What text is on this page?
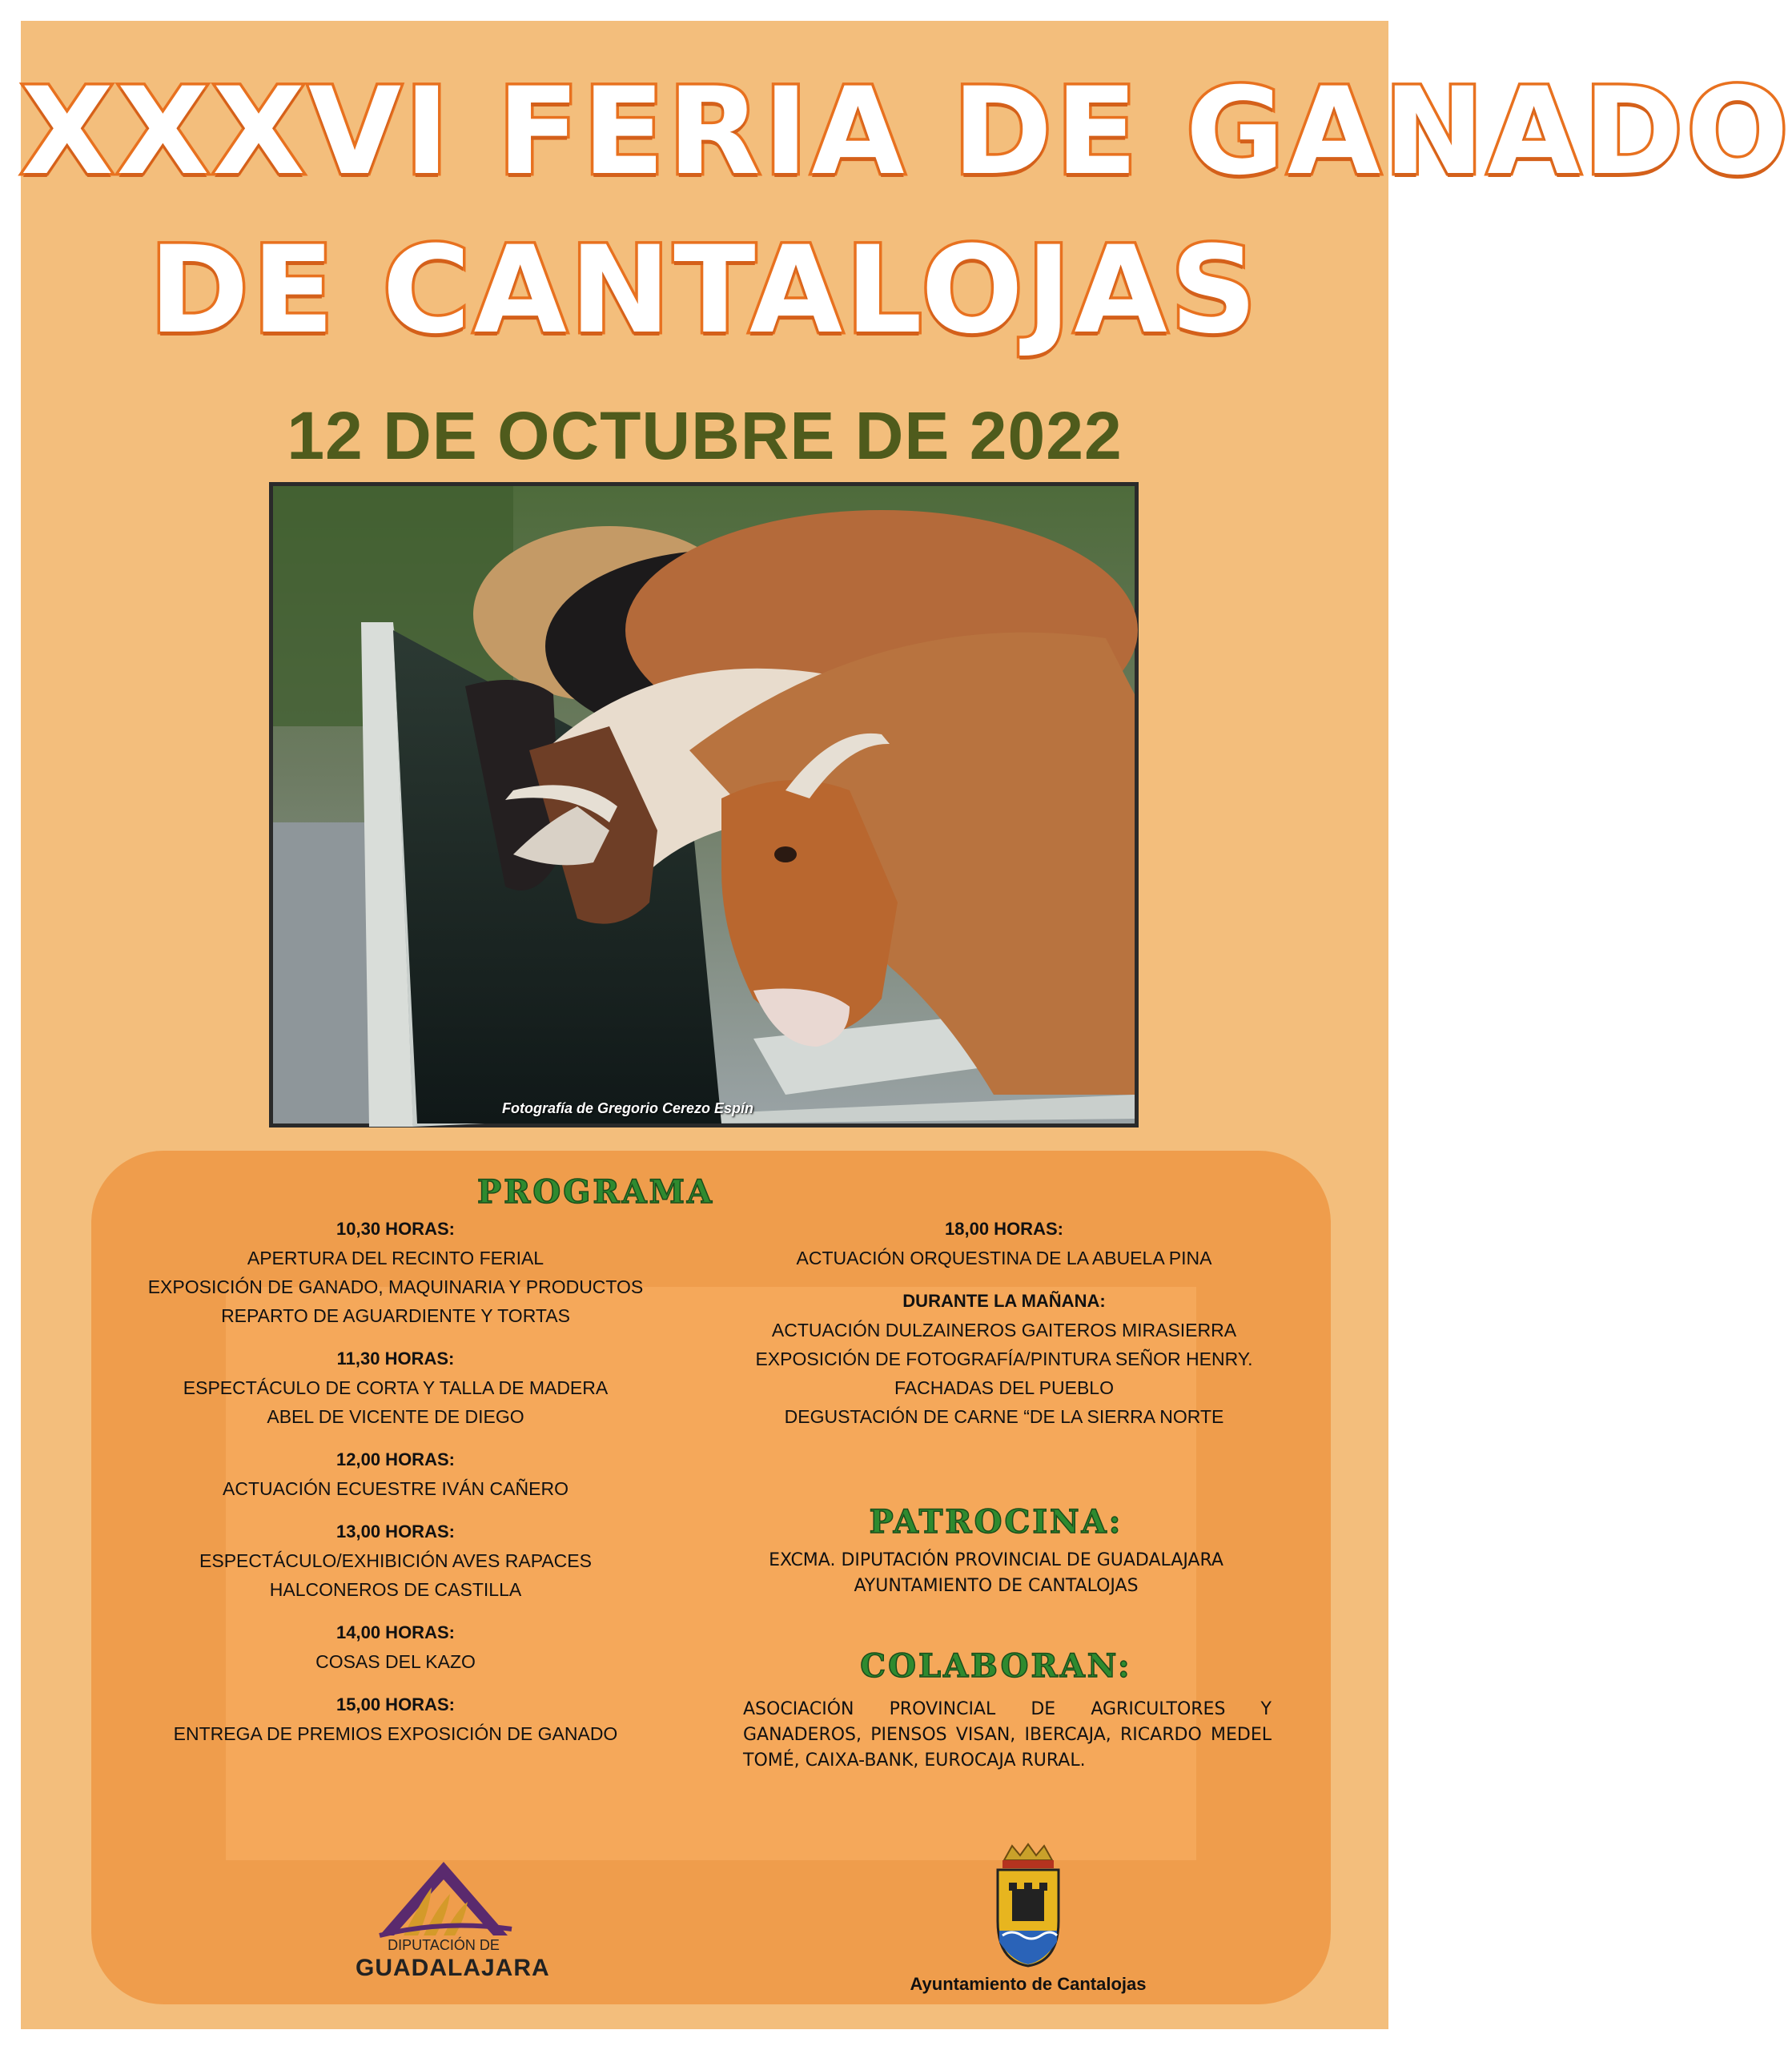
XXXVI FERIA DE GANADO
DE CANTALOJAS
12 DE OCTUBRE DE 2022
Fotografía de Gregorio Cerezo Espín
PROGRAMA
10,30 HORAS:
APERTURA DEL RECINTO FERIAL
EXPOSICIÓN DE GANADO, MAQUINARIA Y PRODUCTOS
REPARTO DE AGUARDIENTE Y TORTAS
11,30 HORAS:
ESPECTÁCULO DE CORTA Y TALLA DE MADERA
ABEL DE VICENTE DE DIEGO
12,00 HORAS:
ACTUACIÓN ECUESTRE IVÁN CAÑERO
13,00 HORAS:
ESPECTÁCULO/EXHIBICIÓN AVES RAPACES
HALCONEROS DE CASTILLA
14,00 HORAS:
COSAS DEL KAZO
15,00 HORAS:
ENTREGA DE PREMIOS EXPOSICIÓN DE GANADO
18,00 HORAS:
ACTUACIÓN ORQUESTINA DE LA ABUELA PINA
DURANTE LA MAÑANA:
ACTUACIÓN DULZAINEROS GAITEROS MIRASIERRA
EXPOSICIÓN DE FOTOGRAFÍA/PINTURA SEÑOR HENRY.
FACHADAS DEL PUEBLO
DEGUSTACIÓN DE CARNE “DE LA SIERRA NORTE
PATROCINA:
EXCMA. DIPUTACIÓN PROVINCIAL DE GUADALAJARA
AYUNTAMIENTO DE CANTALOJAS
COLABORAN:
ASOCIACIÓN PROVINCIAL DE AGRICULTORES Y GANADEROS, PIENSOS VISAN, IBERCAJA, RICARDO MEDEL TOMÉ, CAIXA-BANK, EUROCAJA RURAL.
DIPUTACIÓN DE
GUADALAJARA
Ayuntamiento de Cantalojas
